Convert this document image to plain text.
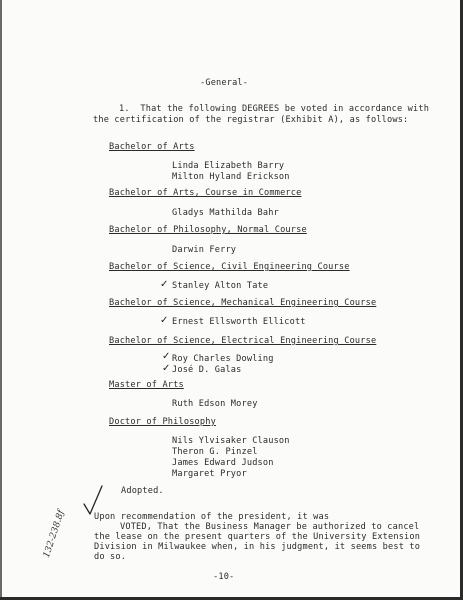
-General-
1.  That the following DEGREES be voted in accordance with
the certification of the registrar (Exhibit A), as follows:
Bachelor of Arts
Linda Elizabeth Barry
Milton Hyland Erickson
Bachelor of Arts, Course in Commerce
Gladys Mathilda Bahr
Bachelor of Philosophy, Normal Course
Darwin Ferry
Bachelor of Science, Civil Engineering Course
✓ Stanley Alton Tate
Bachelor of Science, Mechanical Engineering Course
✓ Ernest Ellsworth Ellicott
Bachelor of Science, Electrical Engineering Course
✓ Roy Charles Dowling
✓ José D. Galas
Master of Arts
Ruth Edson Morey
Doctor of Philosophy
Nils Ylvisaker Clauson
Theron G. Pinzel
James Edward Judson
Margaret Pryor
Adopted.
132-238.8ƒ	Upon recommendation of the president, it was
VOTED, That the Business Manager be authorized to cancel
the lease on the present quarters of the University Extension
Division in Milwaukee when, in his judgment, it seems best to
do so.
-10-
